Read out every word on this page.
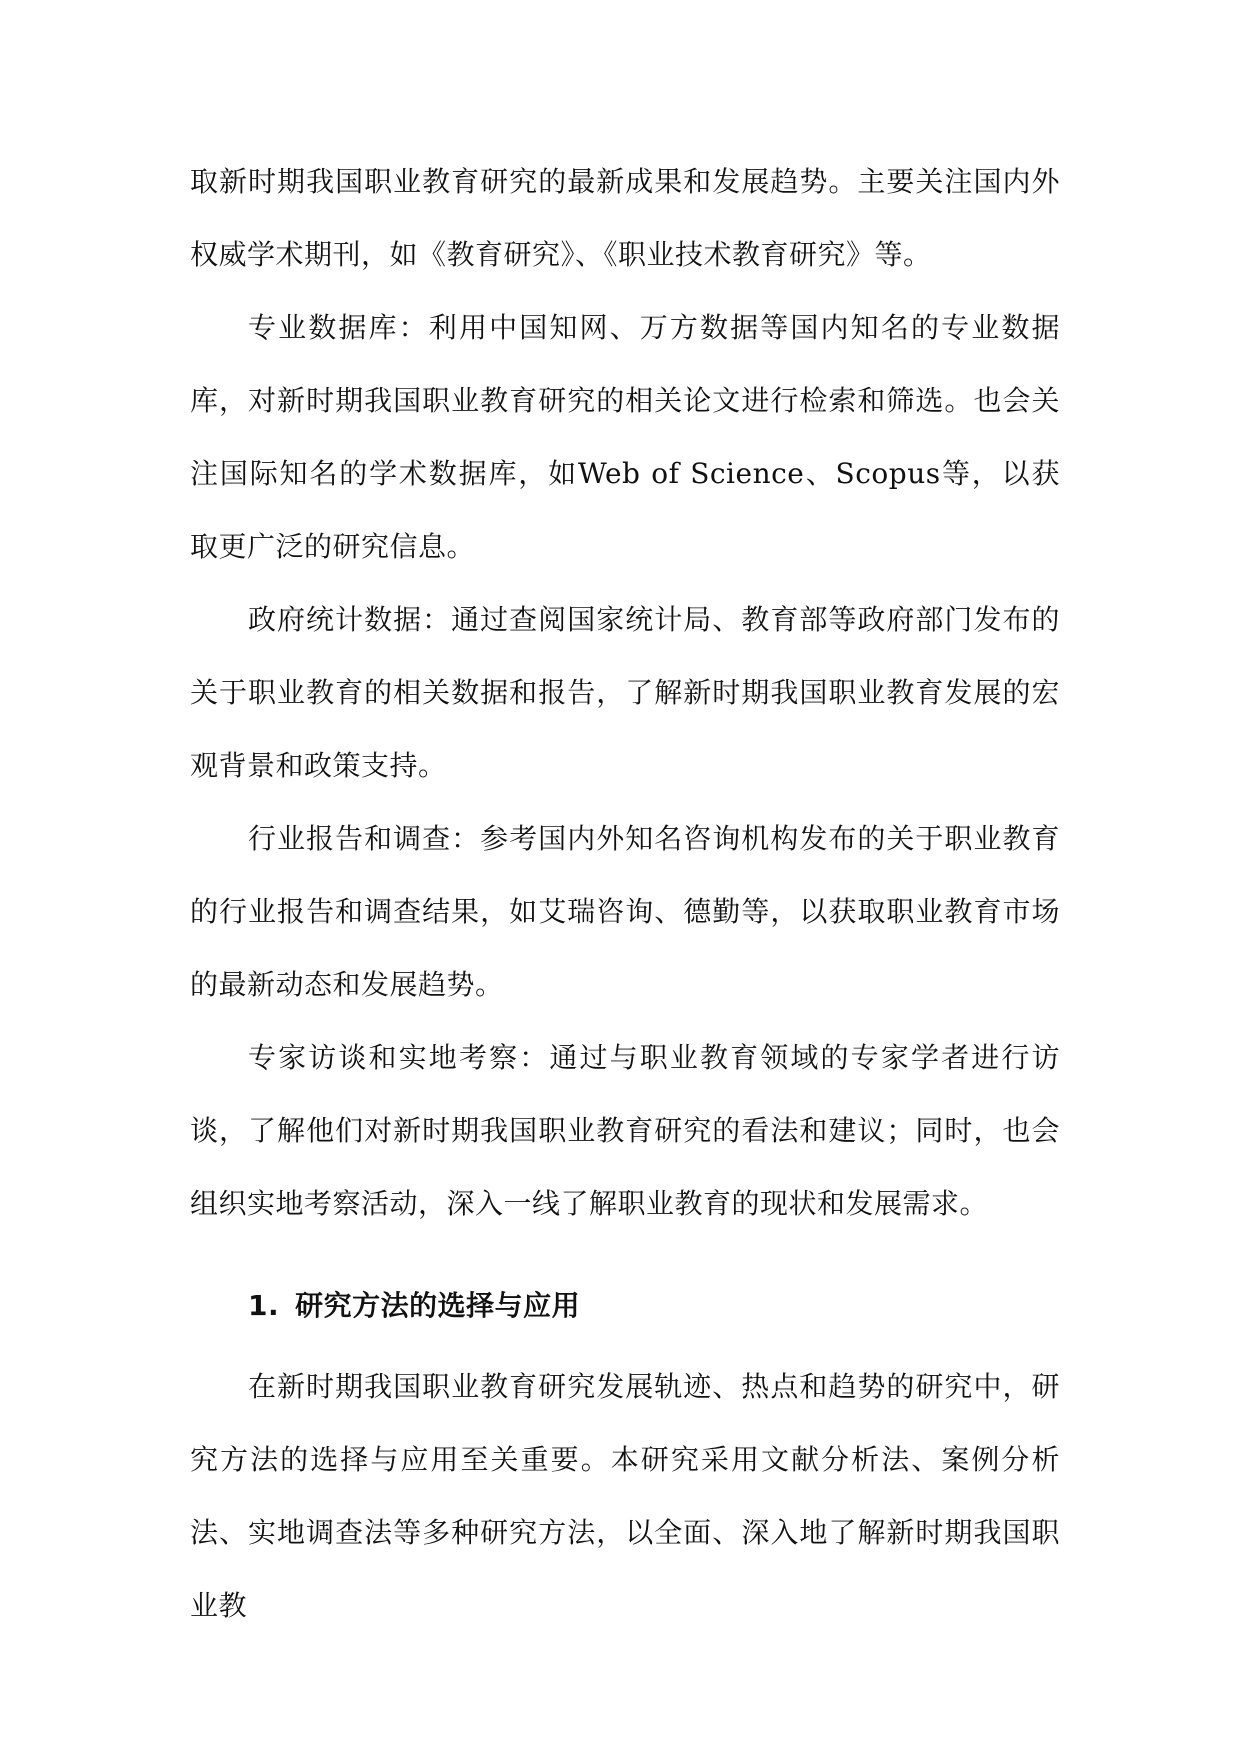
取新时期我国职业教育研究的最新成果和发展趋势。主要关注国内外权威学术期刊，如《教育研究》、《职业技术教育研究》等。

专业数据库：利用中国知网、万方数据等国内知名的专业数据库，对新时期我国职业教育研究的相关论文进行检索和筛选。也会关注国际知名的学术数据库，如Web of Science、Scopus等，以获取更广泛的研究信息。

政府统计数据：通过查阅国家统计局、教育部等政府部门发布的关于职业教育的相关数据和报告，了解新时期我国职业教育发展的宏观背景和政策支持。

行业报告和调查：参考国内外知名咨询机构发布的关于职业教育的行业报告和调查结果，如艾瑞咨询、德勤等，以获取职业教育市场的最新动态和发展趋势。

专家访谈和实地考察：通过与职业教育领域的专家学者进行访谈，了解他们对新时期我国职业教育研究的看法和建议；同时，也会组织实地考察活动，深入一线了解职业教育的现状和发展需求。

1. 研究方法的选择与应用

在新时期我国职业教育研究发展轨迹、热点和趋势的研究中，研究方法的选择与应用至关重要。本研究采用文献分析法、案例分析法、实地调查法等多种研究方法，以全面、深入地了解新时期我国职业教
